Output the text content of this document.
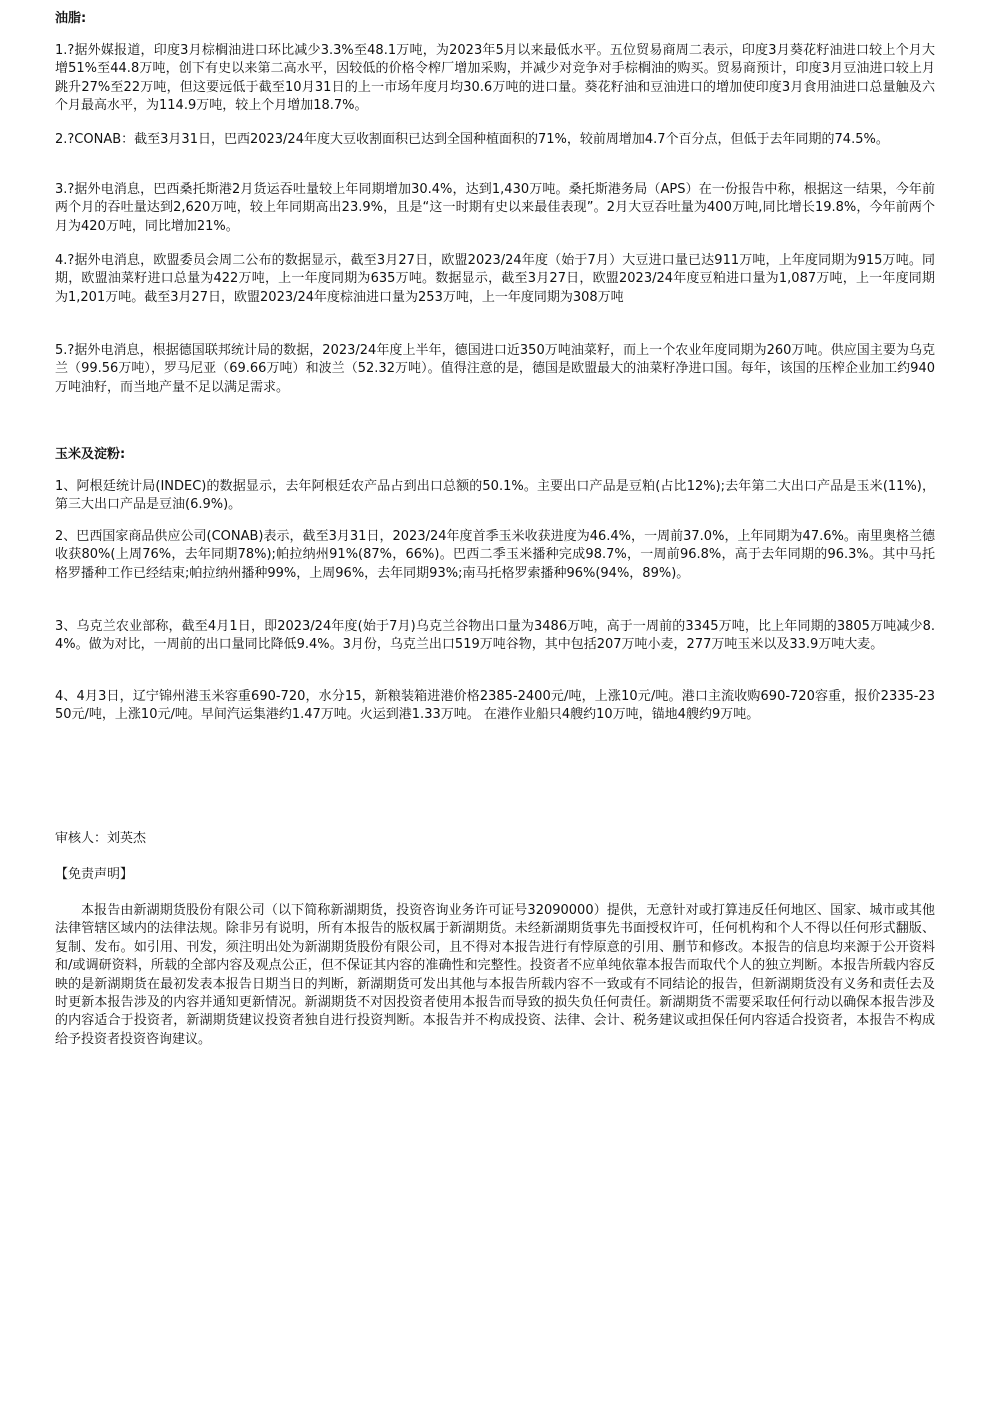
油脂:

1.?据外媒报道，印度3月棕榈油进口环比减少3.3%至48.1万吨，为2023年5月以来最低水平。五位贸易商周二表示，印度3月葵花籽油进口较上个月大增51%至44.8万吨，创下有史以来第二高水平，因较低的价格令榨厂增加采购，并减少对竞争对手棕榈油的购买。贸易商预计，印度3月豆油进口较上月跳升27%至22万吨，但这要远低于截至10月31日的上一市场年度月均30.6万吨的进口量。葵花籽油和豆油进口的增加使印度3月食用油进口总量触及六个月最高水平，为114.9万吨，较上个月增加18.7%。

2.?CONAB：截至3月31日，巴西2023/24年度大豆收割面积已达到全国种植面积的71%，较前周增加4.7个百分点，但低于去年同期的74.5%。

3.?据外电消息，巴西桑托斯港2月货运吞吐量较上年同期增加30.4%，达到1,430万吨。桑托斯港务局（APS）在一份报告中称，根据这一结果，今年前两个月的吞吐量达到2,620万吨，较上年同期高出23.9%，且是“这一时期有史以来最佳表现”。2月大豆吞吐量为400万吨,同比增长19.8%，今年前两个月为420万吨，同比增加21%。

4.?据外电消息，欧盟委员会周二公布的数据显示，截至3月27日，欧盟2023/24年度（始于7月）大豆进口量已达911万吨，上年度同期为915万吨。同期，欧盟油菜籽进口总量为422万吨，上一年度同期为635万吨。数据显示，截至3月27日，欧盟2023/24年度豆粕进口量为1,087万吨，上一年度同期为1,201万吨。截至3月27日，欧盟2023/24年度棕油进口量为253万吨，上一年度同期为308万吨

5.?据外电消息，根据德国联邦统计局的数据，2023/24年度上半年，德国进口近350万吨油菜籽，而上一个农业年度同期为260万吨。供应国主要为乌克兰（99.56万吨），罗马尼亚（69.66万吨）和波兰（52.32万吨）。值得注意的是，德国是欧盟最大的油菜籽净进口国。每年，该国的压榨企业加工约940万吨油籽，而当地产量不足以满足需求。

玉米及淀粉:

1、阿根廷统计局(INDEC)的数据显示，去年阿根廷农产品占到出口总额的50.1%。主要出口产品是豆粕(占比12%);去年第二大出口产品是玉米(11%)，第三大出口产品是豆油(6.9%)。

2、巴西国家商品供应公司(CONAB)表示，截至3月31日，2023/24年度首季玉米收获进度为46.4%，一周前37.0%，上年同期为47.6%。南里奥格兰德收获80%(上周76%，去年同期78%);帕拉纳州91%(87%，66%)。巴西二季玉米播种完成98.7%，一周前96.8%，高于去年同期的96.3%。其中马托格罗播种工作已经结束;帕拉纳州播种99%，上周96%，去年同期93%;南马托格罗索播种96%(94%，89%)。

3、乌克兰农业部称，截至4月1日，即2023/24年度(始于7月)乌克兰谷物出口量为3486万吨，高于一周前的3345万吨，比上年同期的3805万吨减少8.4%。做为对比，一周前的出口量同比降低9.4%。3月份，乌克兰出口519万吨谷物，其中包括207万吨小麦，277万吨玉米以及33.9万吨大麦。

4、4月3日，辽宁锦州港玉米容重690-720，水分15，新粮装箱进港价格2385-2400元/吨，上涨10元/吨。港口主流收购690-720容重，报价2335-2350元/吨，上涨10元/吨。早间汽运集港约1.47万吨。火运到港1.33万吨。 在港作业船只4艘约10万吨，锚地4艘约9万吨。

审核人：刘英杰
【免责声明】

本报告由新湖期货股份有限公司（以下简称新湖期货，投资咨询业务许可证号32090000）提供，无意针对或打算违反任何地区、国家、城市或其他法律管辖区域内的法律法规。除非另有说明，所有本报告的版权属于新湖期货。未经新湖期货事先书面授权许可，任何机构和个人不得以任何形式翻版、复制、发布。如引用、刊发，须注明出处为新湖期货股份有限公司，且不得对本报告进行有悖原意的引用、删节和修改。本报告的信息均来源于公开资料和/或调研资料，所载的全部内容及观点公正，但不保证其内容的准确性和完整性。投资者不应单纯依靠本报告而取代个人的独立判断。本报告所载内容反映的是新湖期货在最初发表本报告日期当日的判断，新湖期货可发出其他与本报告所载内容不一致或有不同结论的报告，但新湖期货没有义务和责任去及时更新本报告涉及的内容并通知更新情况。新湖期货不对因投资者使用本报告而导致的损失负任何责任。新湖期货不需要采取任何行动以确保本报告涉及的内容适合于投资者，新湖期货建议投资者独自进行投资判断。本报告并不构成投资、法律、会计、税务建议或担保任何内容适合投资者，本报告不构成给予投资者投资咨询建议。
